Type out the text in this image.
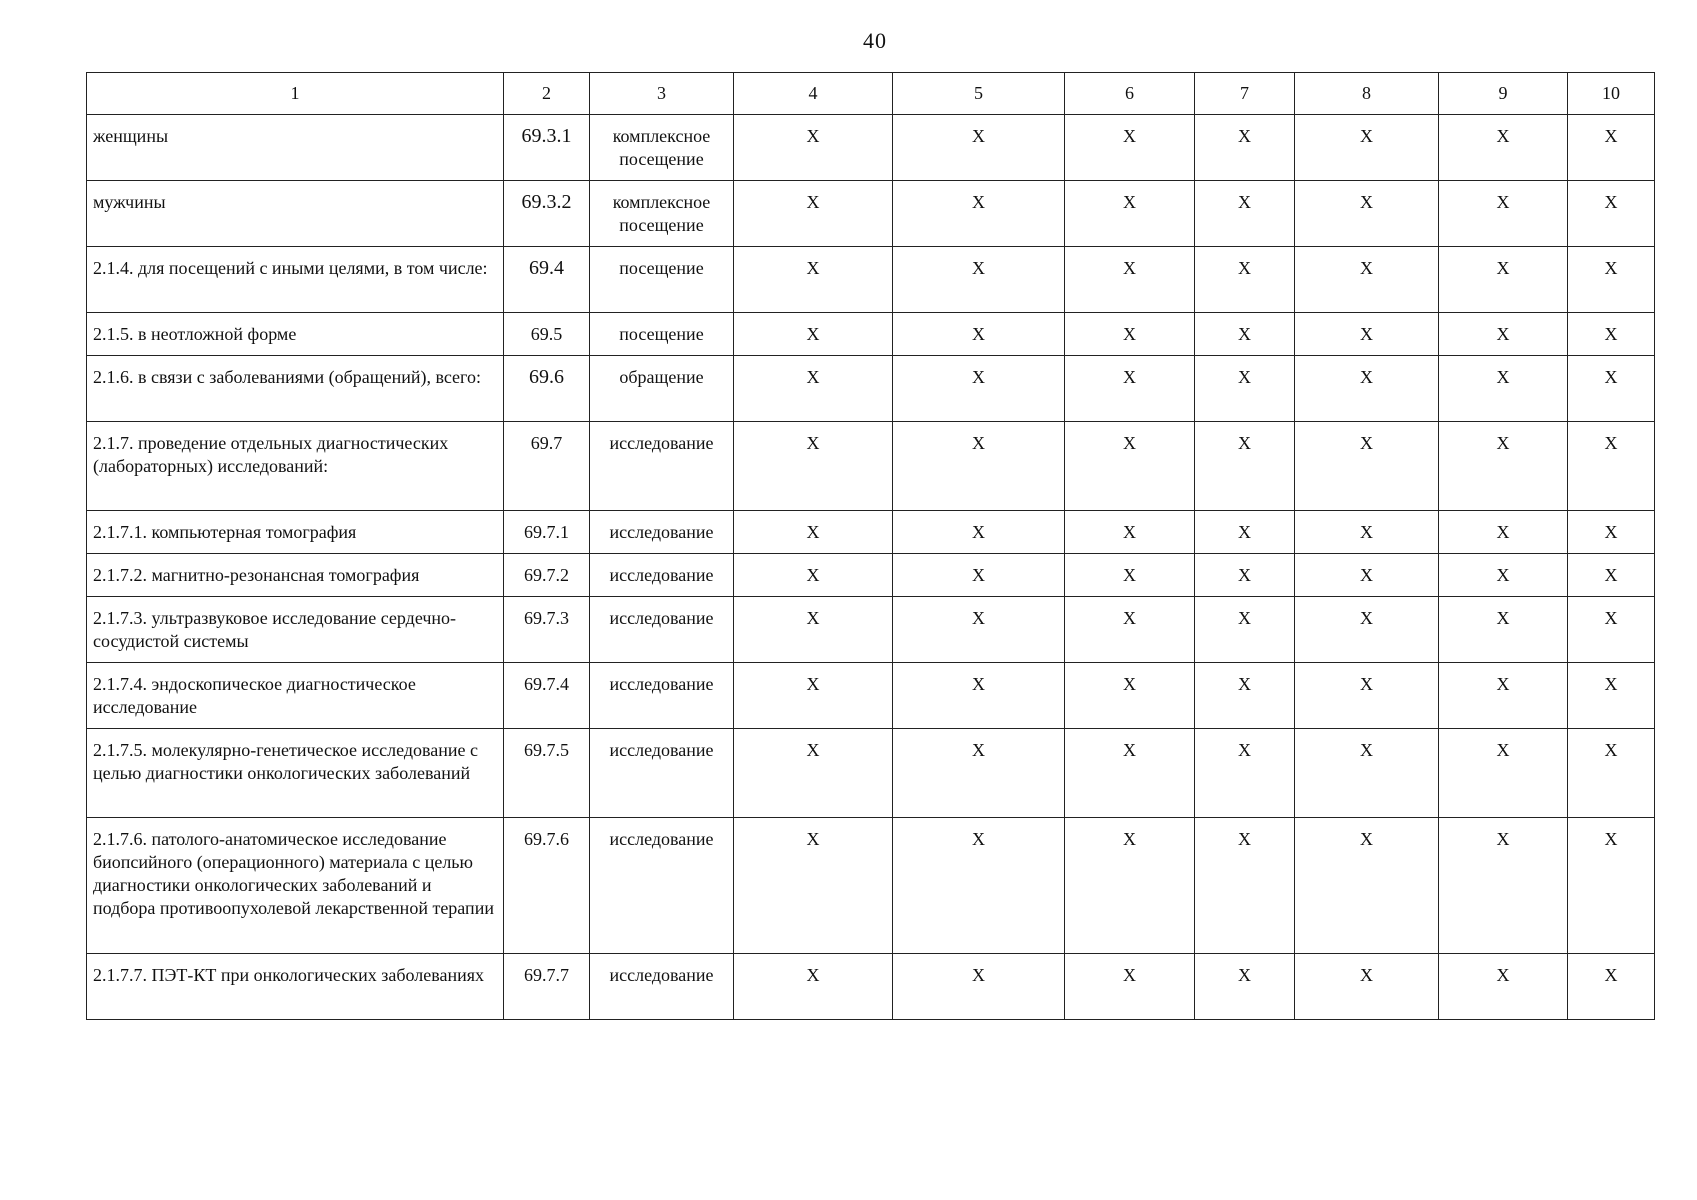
40
1	2	3	4	5	6	7	8	9	10
женщины	69.3.1	комплексное посещение	Х	Х	Х	Х	Х	Х	Х
мужчины	69.3.2	комплексное посещение	Х	Х	Х	Х	Х	Х	Х
2.1.4. для посещений с иными целями, в том числе:	69.4	посещение	Х	Х	Х	Х	Х	Х	Х
2.1.5. в неотложной форме	69.5	посещение	Х	Х	Х	Х	Х	Х	Х
2.1.6. в связи с заболеваниями (обращений), всего:	69.6	обращение	Х	Х	Х	Х	Х	Х	Х
2.1.7. проведение отдельных диагностических (лабораторных) исследований:	69.7	исследование	Х	Х	Х	Х	Х	Х	Х
2.1.7.1. компьютерная томография	69.7.1	исследование	Х	Х	Х	Х	Х	Х	Х
2.1.7.2. магнитно-резонансная томография	69.7.2	исследование	Х	Х	Х	Х	Х	Х	Х
2.1.7.3. ультразвуковое исследование сердечно-сосудистой системы	69.7.3	исследование	Х	Х	Х	Х	Х	Х	Х
2.1.7.4. эндоскопическое диагностическое исследование	69.7.4	исследование	Х	Х	Х	Х	Х	Х	Х
2.1.7.5. молекулярно-генетическое исследование с целью диагностики онкологических заболеваний	69.7.5	исследование	Х	Х	Х	Х	Х	Х	Х
2.1.7.6. патолого-анатомическое исследование биопсийного (операционного) материала с целью диагностики онкологических заболеваний и подбора противоопухолевой лекарственной терапии	69.7.6	исследование	Х	Х	Х	Х	Х	Х	Х
2.1.7.7. ПЭТ-КТ при онкологических заболеваниях	69.7.7	исследование	Х	Х	Х	Х	Х	Х	Х
